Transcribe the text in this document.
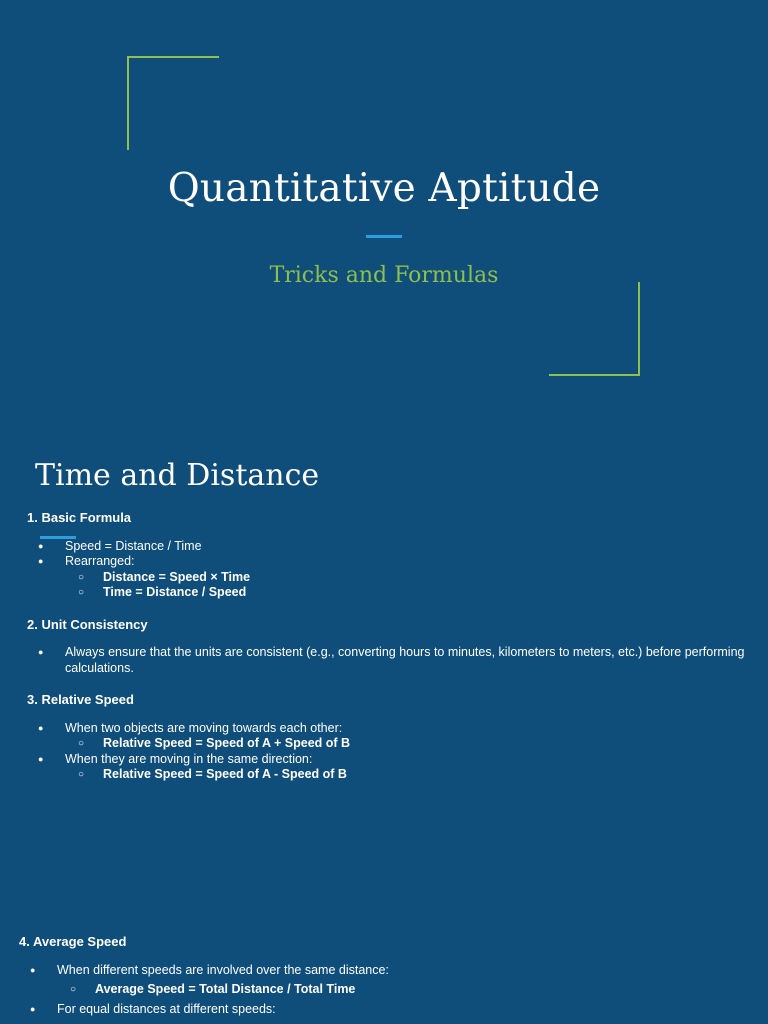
Quantitative Aptitude
Tricks and Formulas
Time and Distance
1. Basic Formula
● Speed = Distance / Time
● Rearranged:
○ Distance = Speed × Time
○ Time = Distance / Speed
2. Unit Consistency
● Always ensure that the units are consistent (e.g., converting hours to minutes, kilometers to meters, etc.) before performing calculations.
3. Relative Speed
● When two objects are moving towards each other:
○ Relative Speed = Speed of A + Speed of B
● When they are moving in the same direction:
○ Relative Speed = Speed of A - Speed of B
4. Average Speed
● When different speeds are involved over the same distance:
○ Average Speed = Total Distance / Total Time
● For equal distances at different speeds:
